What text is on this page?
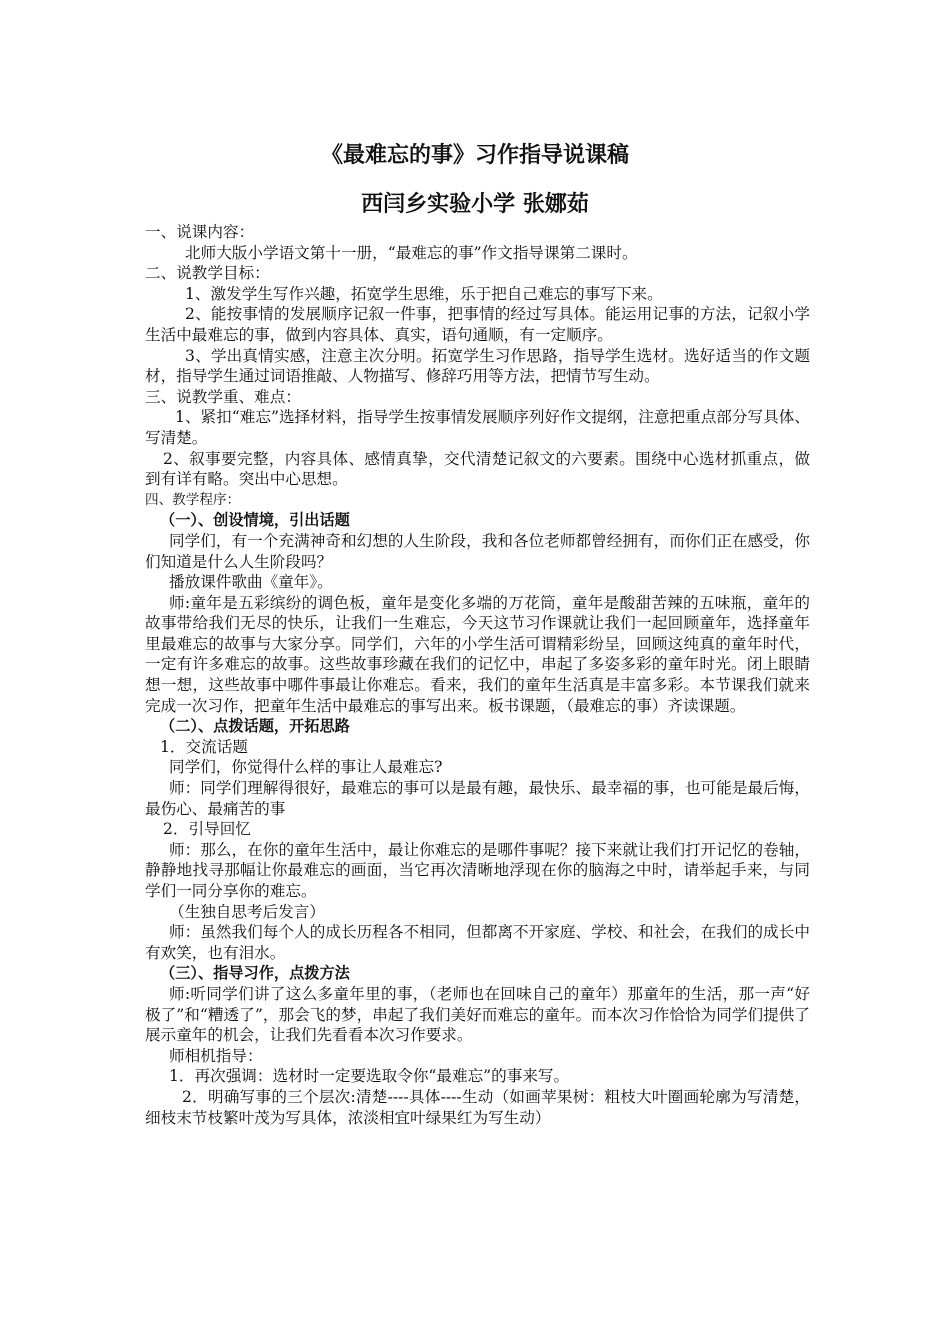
《最难忘的事》习作指导说课稿
西闫乡实验小学 张娜茹

一、说课内容：

北师大版小学语文第十一册，“最难忘的事”作文指导课第二课时。

二、说教学目标：

1、激发学生写作兴趣，拓宽学生思维，乐于把自己难忘的事写下来。

2、能按事情的发展顺序记叙一件事，把事情的经过写具体。能运用记事的方法，记叙小学生活中最难忘的事，做到内容具体、真实，语句通顺，有一定顺序。

3、学出真情实感，注意主次分明。拓宽学生习作思路，指导学生选材。选好适当的作文题材，指导学生通过词语推敲、人物描写、修辞巧用等方法，把情节写生动。

三、说教学重、难点：

1、紧扣“难忘”选择材料，指导学生按事情发展顺序列好作文提纲，注意把重点部分写具体、写清楚。

2、叙事要完整，内容具体、感情真挚，交代清楚记叙文的六要素。围绕中心选材抓重点，做到有详有略。突出中心思想。

四、教学程序：

（一）、创设情境，引出话题

同学们，有一个充满神奇和幻想的人生阶段，我和各位老师都曾经拥有，而你们正在感受，你们知道是什么人生阶段吗？

播放课件歌曲《童年》。

师:童年是五彩缤纷的调色板，童年是变化多端的万花筒，童年是酸甜苦辣的五味瓶，童年的故事带给我们无尽的快乐，让我们一生难忘，今天这节习作课就让我们一起回顾童年，选择童年里最难忘的故事与大家分享。同学们，六年的小学生活可谓精彩纷呈，回顾这纯真的童年时代，一定有许多难忘的故事。这些故事珍藏在我们的记忆中，串起了多姿多彩的童年时光。闭上眼睛想一想，这些故事中哪件事最让你难忘。看来，我们的童年生活真是丰富多彩。本节课我们就来完成一次习作，把童年生活中最难忘的事写出来。板书课题，（最难忘的事）齐读课题。

（二）、点拨话题，开拓思路

1．交流话题

同学们，你觉得什么样的事让人最难忘?

师：同学们理解得很好，最难忘的事可以是最有趣，最快乐、最幸福的事，也可能是最后悔，最伤心、最痛苦的事

2．引导回忆

师：那么，在你的童年生活中，最让你难忘的是哪件事呢？接下来就让我们打开记忆的卷轴，静静地找寻那幅让你最难忘的画面，当它再次清晰地浮现在你的脑海之中时，请举起手来，与同学们一同分享你的难忘。

（生独自思考后发言）

师：虽然我们每个人的成长历程各不相同，但都离不开家庭、学校、和社会，在我们的成长中有欢笑，也有泪水。

（三）、指导习作，点拨方法

师:听同学们讲了这么多童年里的事，（老师也在回味自己的童年）那童年的生活，那一声“好极了”和“糟透了”，那会飞的梦，串起了我们美好而难忘的童年。而本次习作恰恰为同学们提供了展示童年的机会，让我们先看看本次习作要求。

师相机指导：

1．再次强调：选材时一定要选取令你“最难忘”的事来写。

2．明确写事的三个层次:清楚----具体----生动（如画苹果树：粗枝大叶圈画轮廓为写清楚，细枝末节枝繁叶茂为写具体，浓淡相宜叶绿果红为写生动）
